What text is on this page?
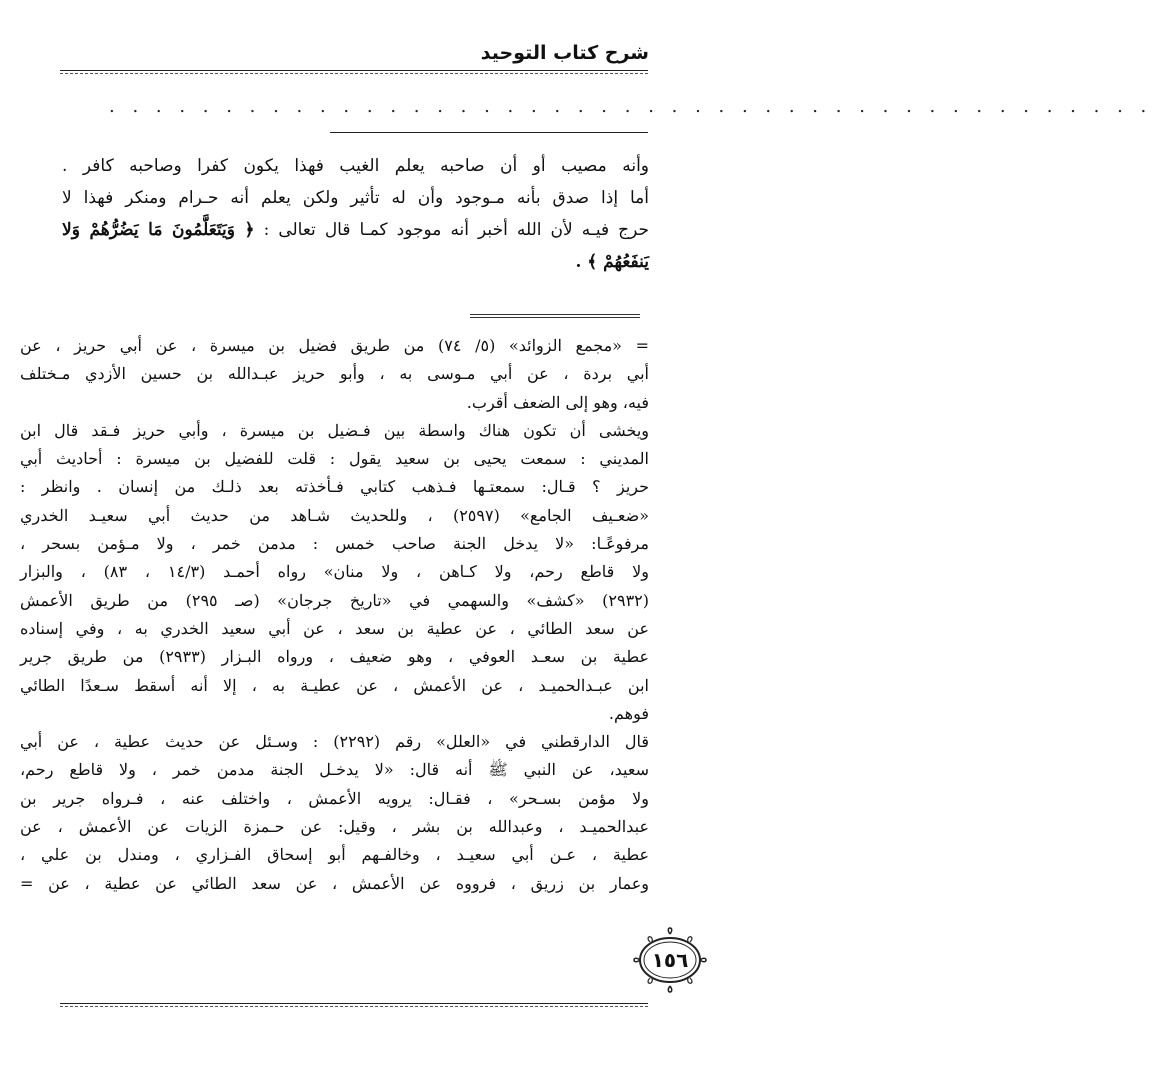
شرح كتاب التوحيد
. . . . . . . . . . . . . . . . . . . . . . . . . . . . . . . . . . . . . . . . . . . . .
وأنه مصيب أو أن صاحبه يعلم الغيب فهذا يكون كفرا وصاحبه كافر .
أما إذا صدق بأنه مـوجود وأن له تأثير ولكن يعلم أنه حـرام ومنكر فهذا لا
حرج فيـه لأن الله أخبر أنه موجود كمـا قال تعالى : ﴿ وَيَتَعَلَّمُونَ مَا يَضُرُّهُمْ وَلا
يَنفَعُهُمْ ﴾ .
= «مجمع الزوائد» (٥/ ٧٤) من طريق فضيل بن ميسرة ، عن أبي حريز ، عن
أبي بردة ، عن أبي مـوسى به ، وأبو حريز عبـدالله بن حسين الأزدي مـختلف
فيه، وهو إلى الضعف أقرب.
ويخشى أن تكون هناك واسطة بين فـضيل بن ميسرة ، وأبي حريز فـقد قال ابن
المديني : سمعت يحيى بن سعيد يقول : قلت للفضيل بن ميسرة : أحاديث أبي
حريز ؟ قـال: سمعتـها فـذهب كتابي فـأخذته بعد ذلـك من إنسان . وانظر :
«ضعـيف الجامع» (٢٥٩٧) ، وللحديث شـاهد من حديث أبي سعيـد الخدري
مرفوعًـا: «لا يدخل الجنة صاحب خمس : مدمن خمر ، ولا مـؤمن بسحر ،
ولا قاطع رحم، ولا كـاهن ، ولا منان» رواه أحمـد (١٤/٣ ، ٨٣) ، والبزار
(٢٩٣٢) «كشف» والسهمي في «تاريخ جرجان» (صـ ٢٩٥) من طريق الأعمش
عن سعد الطائي ، عن عطية بن سعد ، عن أبي سعيد الخدري به ، وفي إسناده
عطية بن سعـد العوفي ، وهو ضعيف ، ورواه البـزار (٢٩٣٣) من طريق جرير
ابن عبـدالحميـد ، عن الأعمش ، عن عطيـة به ، إلا أنه أسقط سـعدًا الطائي
فوهم.
قال الدارقطني في «العلل» رقم (٢٢٩٢) : وسـئل عن حديث عطية ، عن أبي
سعيد، عن النبي ﷺ أنه قال: «لا يدخـل الجنة مدمن خمر ، ولا قاطع رحم،
ولا مؤمن بسـحر» ، فقـال: يرويه الأعمش ، واختلف عنه ، فـرواه جرير بن
عبدالحميـد ، وعبدالله بن بشر ، وقيل: عن حـمزة الزيات عن الأعمش ، عن
عطية ، عـن أبي سعيـد ، وخالفـهم أبو إسحاق الفـزاري ، ومندل بن علي ،
وعمار بن زريق ، فرووه عن الأعمش ، عن سعد الطائي عن عطية ، عن =
١٥٦
